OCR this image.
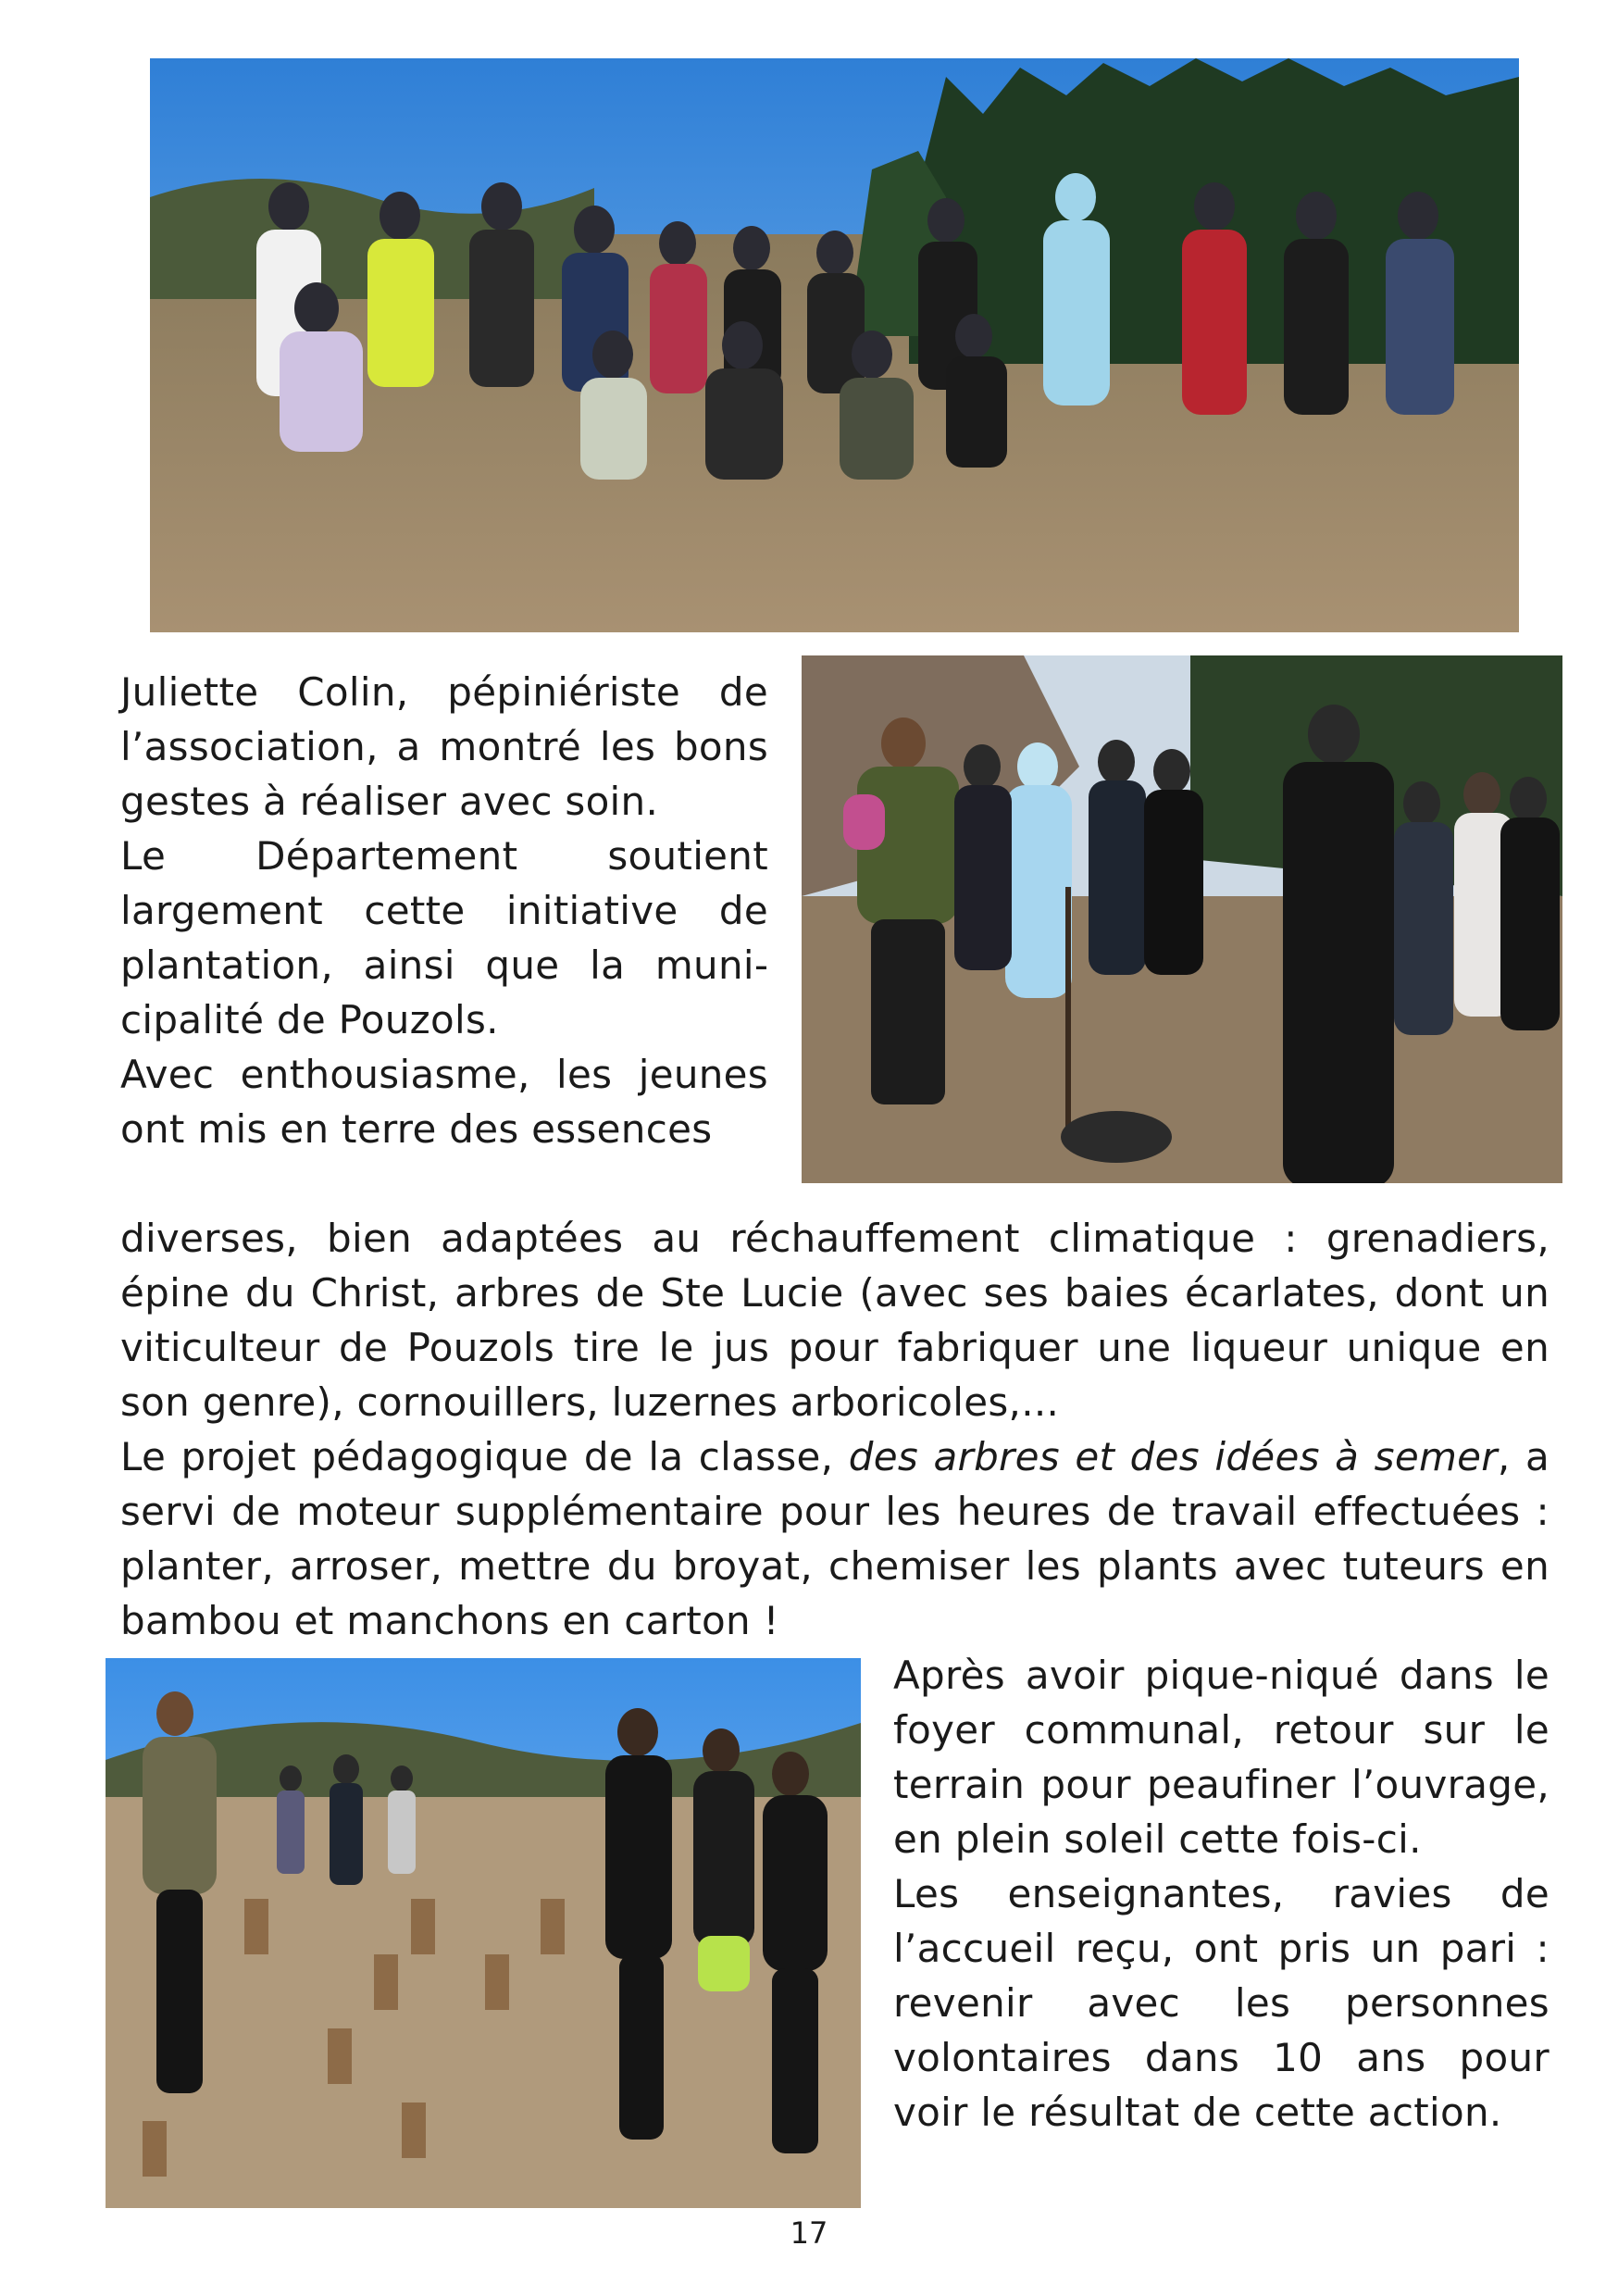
Juliette Colin, pépiniériste de l’association, a montré les bons gestes à réaliser avec soin.

Le Département soutient largement cette initiative de plantation, ainsi que la municipalité de Pouzols.

Avec enthousiasme, les jeunes ont mis en terre des essences

diverses, bien adaptées au réchauffement climatique : grenadiers, épine du Christ, arbres de Ste Lucie (avec ses baies écarlates, dont un viticulteur de Pouzols tire le jus pour fabriquer une liqueur unique en son genre), cornouillers, luzernes arboricoles,...

Le projet pédagogique de la classe, des arbres et des idées à semer, a servi de moteur supplémentaire pour les heures de travail effectuées : planter, arroser, mettre du broyat, chemiser les plants avec tuteurs en bambou et manchons en carton !

Après avoir pique-niqué dans le foyer communal, retour sur le terrain pour peaufiner l’ouvrage, en plein soleil cette fois-ci.

Les enseignantes, ravies de l’accueil reçu, ont pris un pari : revenir avec les personnes volontaires dans 10 ans pour voir le résultat de cette action.

17
